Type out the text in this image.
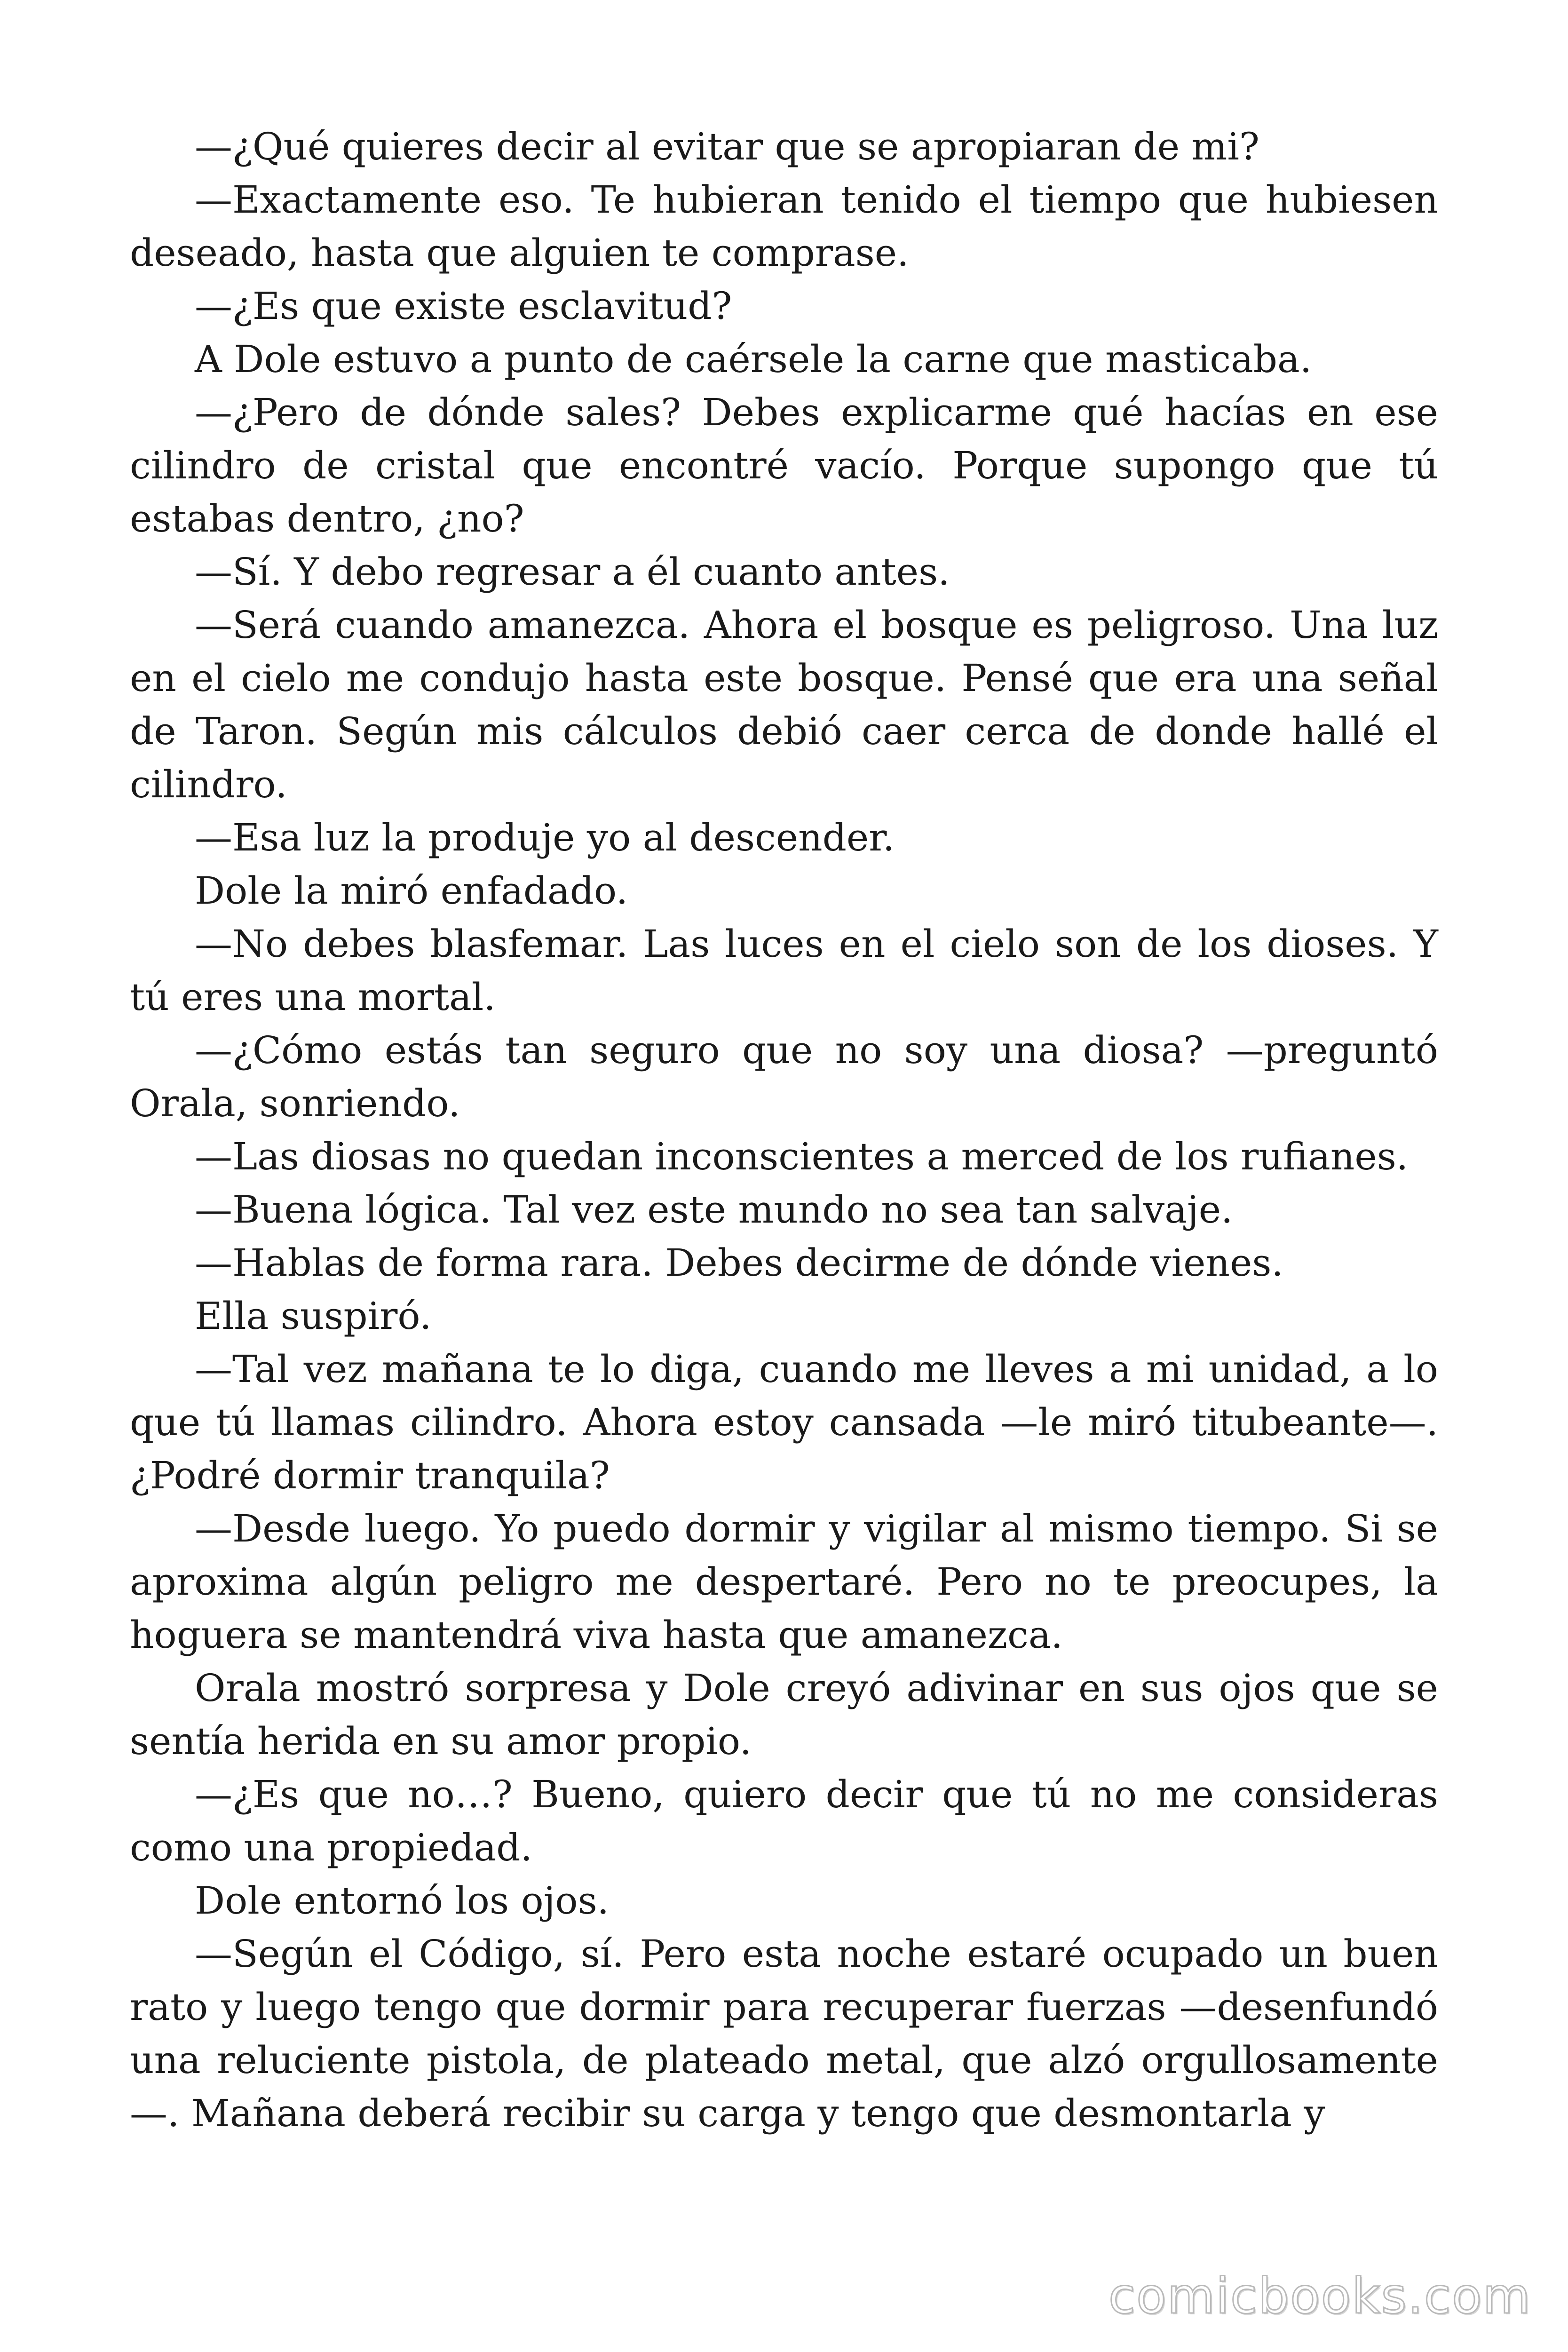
—¿Qué quieres decir al evitar que se apropiaran de mi?

—Exactamente eso. Te hubieran tenido el tiempo que hubiesen deseado, hasta que alguien te comprase.

—¿Es que existe esclavitud?

A Dole estuvo a punto de caérsele la carne que masticaba.

—¿Pero de dónde sales? Debes explicarme qué hacías en ese cilindro de cristal que encontré vacío. Porque supongo que tú estabas dentro, ¿no?

—Sí. Y debo regresar a él cuanto antes.

—Será cuando amanezca. Ahora el bosque es peligroso. Una luz en el cielo me condujo hasta este bosque. Pensé que era una señal de Taron. Según mis cálculos debió caer cerca de donde hallé el cilindro.

—Esa luz la produje yo al descender.

Dole la miró enfadado.

—No debes blasfemar. Las luces en el cielo son de los dioses. Y tú eres una mortal.

—¿Cómo estás tan seguro que no soy una diosa? —preguntó Orala, sonriendo.

—Las diosas no quedan inconscientes a merced de los rufianes.

—Buena lógica. Tal vez este mundo no sea tan salvaje.

—Hablas de forma rara. Debes decirme de dónde vienes.

Ella suspiró.

—Tal vez mañana te lo diga, cuando me lleves a mi unidad, a lo que tú llamas cilindro. Ahora estoy cansada —le miró titubeante—. ¿Podré dormir tranquila?

—Desde luego. Yo puedo dormir y vigilar al mismo tiempo. Si se aproxima algún peligro me despertaré. Pero no te preocupes, la hoguera se mantendrá viva hasta que amanezca.

Orala mostró sorpresa y Dole creyó adivinar en sus ojos que se sentía herida en su amor propio.

—¿Es que no…? Bueno, quiero decir que tú no me consideras como una propiedad.

Dole entornó los ojos.

—Según el Código, sí. Pero esta noche estaré ocupado un buen rato y luego tengo que dormir para recuperar fuerzas —desenfundó una reluciente pistola, de plateado metal, que alzó orgullosamente —. Mañana deberá recibir su carga y tengo que desmontarla y

comicbooks.com
